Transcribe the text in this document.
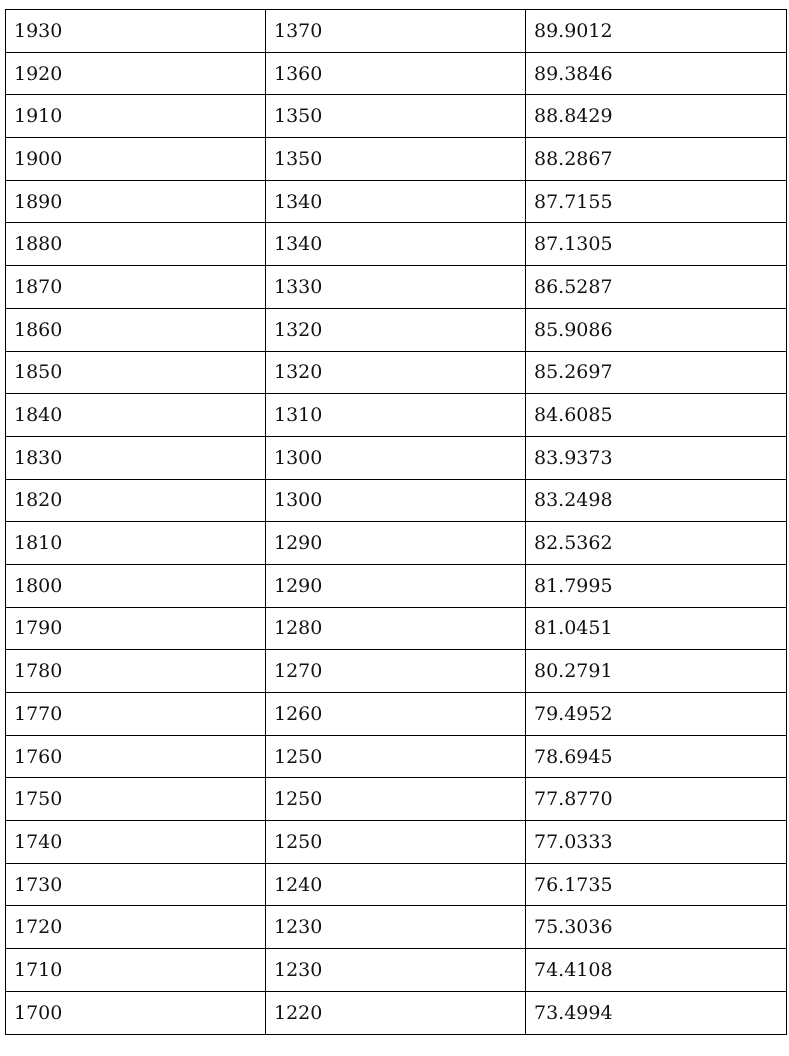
1930	1370	89.9012
1920	1360	89.3846
1910	1350	88.8429
1900	1350	88.2867
1890	1340	87.7155
1880	1340	87.1305
1870	1330	86.5287
1860	1320	85.9086
1850	1320	85.2697
1840	1310	84.6085
1830	1300	83.9373
1820	1300	83.2498
1810	1290	82.5362
1800	1290	81.7995
1790	1280	81.0451
1780	1270	80.2791
1770	1260	79.4952
1760	1250	78.6945
1750	1250	77.8770
1740	1250	77.0333
1730	1240	76.1735
1720	1230	75.3036
1710	1230	74.4108
1700	1220	73.4994
